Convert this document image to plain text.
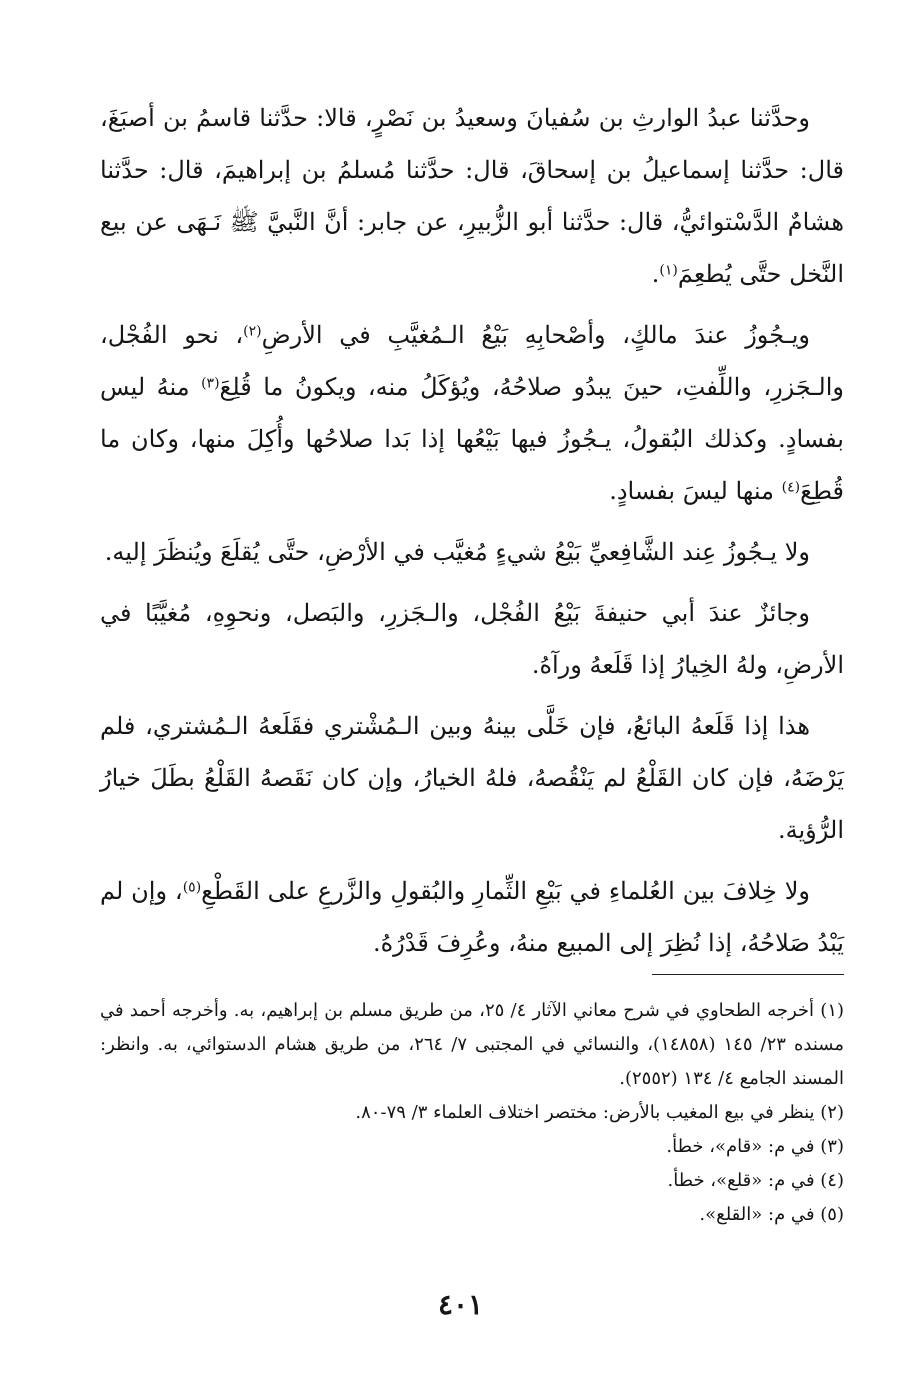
وحدَّثنا عبدُ الوارثِ بن سُفيانَ وسعيدُ بن نَصْرٍ، قالا: حدَّثنا قاسمُ بن أصبَغَ، قال: حدَّثنا إسماعيلُ بن إسحاقَ، قال: حدَّثنا مُسلمُ بن إبراهيمَ، قال: حدَّثنا هشامٌ الدَّسْتوائيُّ، قال: حدَّثنا أبو الزُّبيرِ، عن جابر: أنَّ النَّبيَّ ﷺ نَـهَى عن بيع النَّخل حتَّى يُطعِمَ$^{(١)}$.

ويـجُوزُ عندَ مالكٍ، وأصْحابِهِ بَيْعُ الـمُغيَّبِ في الأرضِ$^{(٢)}$، نحو الفُجْل، والـجَزرِ، واللِّفتِ، حينَ يبدُو صلاحُهُ، ويُؤكَلُ منه، ويكونُ ما قُلِعَ$^{(٣)}$ منهُ ليس بفسادٍ. وكذلك البُقولُ، يـجُوزُ فيها بَيْعُها إذا بَدا صلاحُها وأُكِلَ منها، وكان ما قُطِعَ$^{(٤)}$ منها ليسَ بفسادٍ.

ولا يـجُوزُ عِند الشَّافِعيِّ بَيْعُ شيءٍ مُغيَّب في الأرْضِ، حتَّى يُقلَعَ ويُنظَرَ إليه.

وجائزٌ عندَ أبي حنيفةَ بَيْعُ الفُجْل، والـجَزرِ، والبَصل، ونحوِهِ، مُغيَّبًا في الأرضِ، ولهُ الخِيارُ إذا قَلَعهُ ورآهُ.

هذا إذا قَلَعهُ البائعُ، فإن خَلَّى بينهُ وبين الـمُشْتري فقَلَعهُ الـمُشتري، فلم يَرْضَهُ، فإن كان القَلْعُ لم يَنْقُصهُ، فلهُ الخيارُ، وإن كان نَقَصهُ القَلْعُ بطَلَ خيارُ الرُّؤية.

ولا خِلافَ بين العُلماءِ في بَيْعِ الثِّمارِ والبُقولِ والزَّرعِ على القَطْعِ$^{(٥)}$، وإن لم يَبْدُ صَلاحُهُ، إذا نُظِرَ إلى المبيع منهُ، وعُرِفَ قَدْرُهُ.

(١) أخرجه الطحاوي في شرح معاني الآثار ٤/ ٢٥، من طريق مسلم بن إبراهيم، به. وأخرجه أحمد في مسنده ٢٣/ ١٤٥ (١٤٨٥٨)، والنسائي في المجتبى ٧/ ٢٦٤، من طريق هشام الدستوائي، به. وانظر: المسند الجامع ٤/ ١٣٤ (٢٥٥٢).

(٢) ينظر في بيع المغيب بالأرض: مختصر اختلاف العلماء ٣/ ٧٩-٨٠.

(٣) في م: «قام»، خطأ.

(٤) في م: «قلع»، خطأ.

(٥) في م: «القلع».

٤٠١
